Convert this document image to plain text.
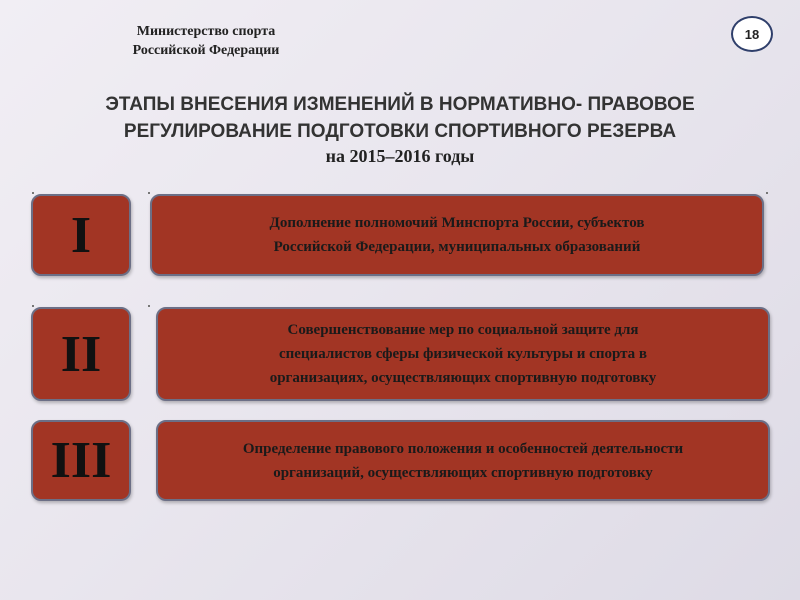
Министерство спорта
Российской Федерации
18
ЭТАПЫ ВНЕСЕНИЯ ИЗМЕНЕНИЙ В НОРМАТИВНО- ПРАВОВОЕ
РЕГУЛИРОВАНИЕ ПОДГОТОВКИ СПОРТИВНОГО РЕЗЕРВА
на 2015–2016 годы
I	Дополнение полномочий Минспорта России, субъектов
Российской Федерации, муниципальных образований
II	Совершенствование мер по социальной защите для
специалистов сферы физической культуры и спорта в
организациях, осуществляющих спортивную подготовку
III	Определение правового положения и особенностей деятельности
организаций, осуществляющих спортивную подготовку
